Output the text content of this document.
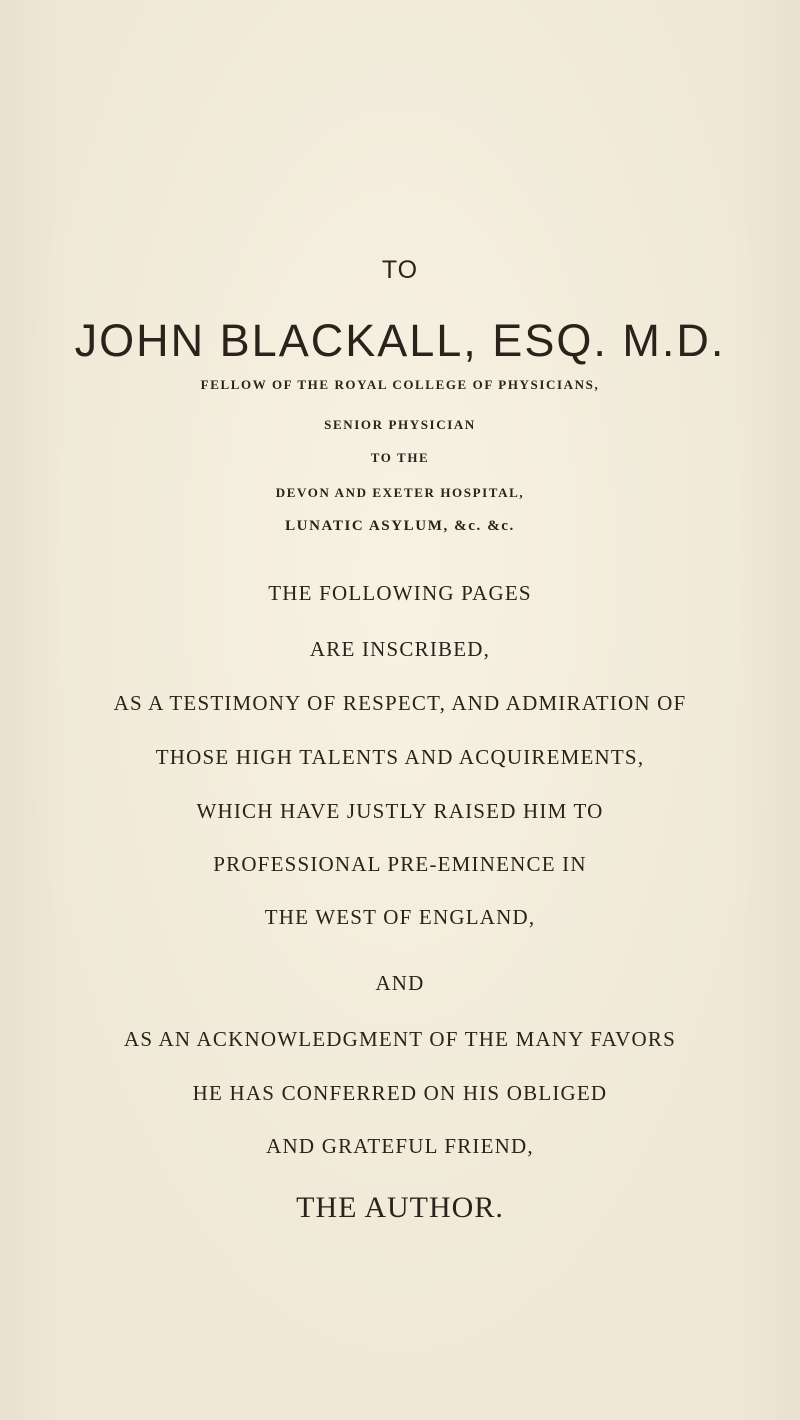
TO
JOHN BLACKALL, ESQ. M.D.
FELLOW OF THE ROYAL COLLEGE OF PHYSICIANS,
SENIOR PHYSICIAN
TO THE
DEVON AND EXETER HOSPITAL,
LUNATIC ASYLUM, &c. &c.
THE FOLLOWING PAGES
ARE INSCRIBED,
AS A TESTIMONY OF RESPECT, AND ADMIRATION OF
THOSE HIGH TALENTS AND ACQUIREMENTS,
WHICH HAVE JUSTLY RAISED HIM TO
PROFESSIONAL PRE-EMINENCE IN
THE WEST OF ENGLAND,
AND
AS AN ACKNOWLEDGMENT OF THE MANY FAVORS
HE HAS CONFERRED ON HIS OBLIGED
AND GRATEFUL FRIEND,
THE AUTHOR.
